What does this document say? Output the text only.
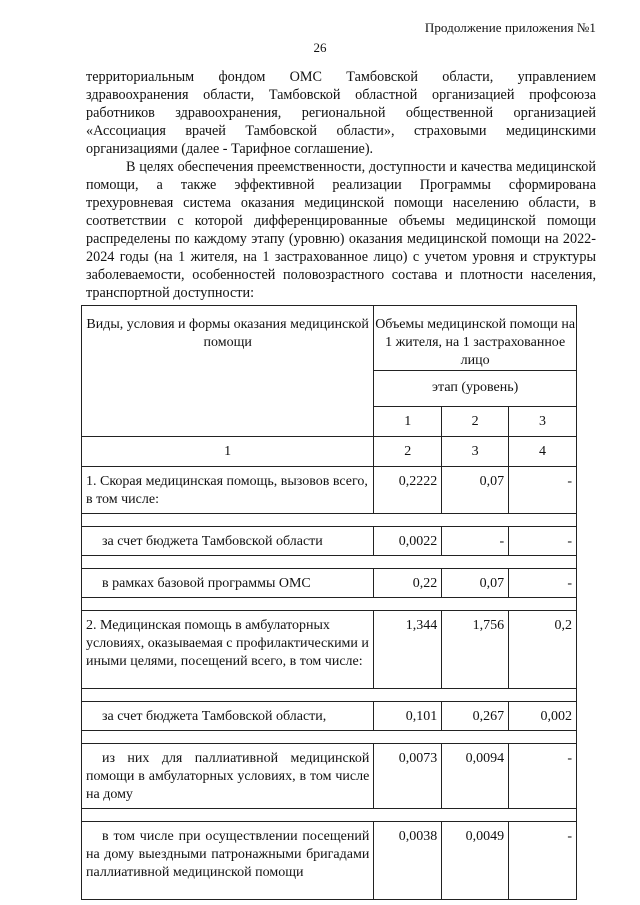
Продолжение приложения №1
26

территориальным фондом ОМС Тамбовской области, управлением здравоохранения области, Тамбовской областной организацией профсоюза работников здравоохранения, региональной общественной организацией «Ассоциация врачей Тамбовской области», страховыми медицинскими организациями (далее - Тарифное соглашение).

В целях обеспечения преемственности, доступности и качества медицинской помощи, а также эффективной реализации Программы сформирована трехуровневая система оказания медицинской помощи населению области, в соответствии с которой дифференцированные объемы медицинской помощи распределены по каждому этапу (уровню) оказания медицинской помощи на 2022-2024 годы (на 1 жителя, на 1 застрахованное лицо) с учетом уровня и структуры заболеваемости, особенностей половозрастного состава и плотности населения, транспортной доступности:

Виды, условия и формы оказания медицинской помощи	Объемы медицинской помощи на 1 жителя, на 1 застрахованное лицо		
	этап (уровень)		
	1	2	3
1	2	3	4
1. Скорая медицинская помощь, вызовов всего, в том числе:	0,2222	0,07	-

за счет бюджета Тамбовской области	0,0022	-	-

в рамках базовой программы ОМС	0,22	0,07	-

2. Медицинская помощь в амбулаторных условиях, оказываемая с профилактическими и иными целями, посещений всего, в том числе:	1,344	1,756	0,2

за счет бюджета Тамбовской области,	0,101	0,267	0,002

из них для паллиативной медицинской помощи в амбулаторных условиях, в том числе на дому	0,0073	0,0094	-

в том числе при осуществлении посещений на дому выездными патронажными бригадами паллиативной медицинской помощи	0,0038	0,0049	-
